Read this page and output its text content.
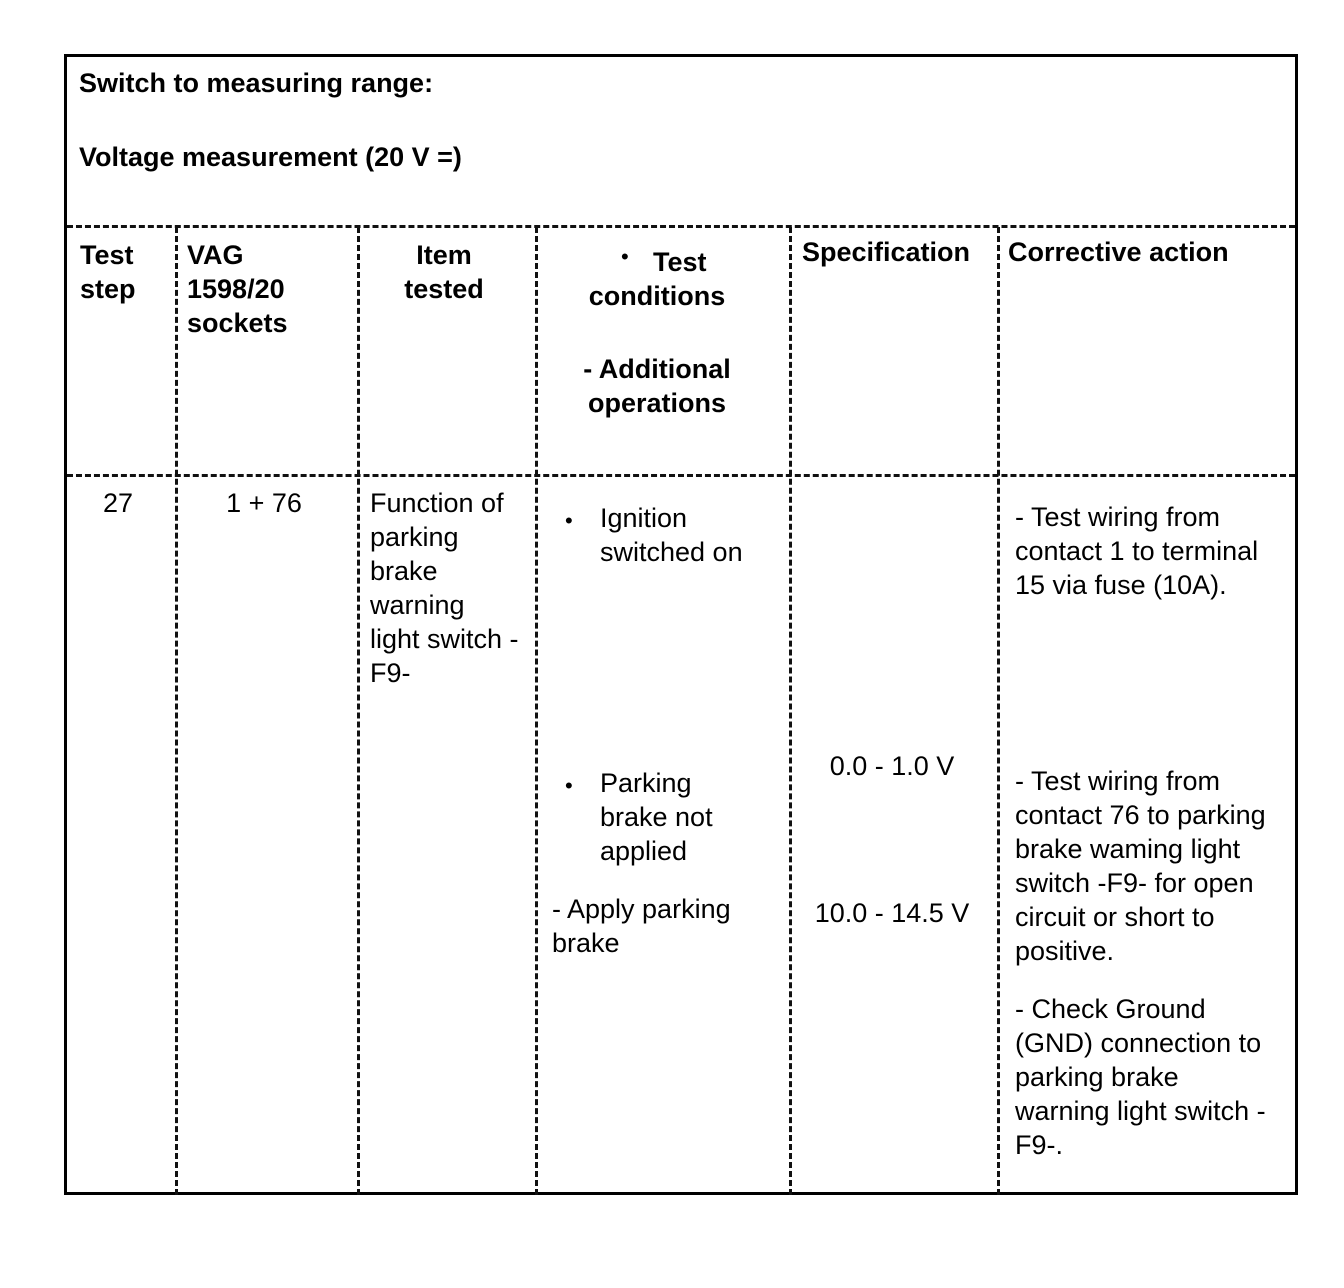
Switch to measuring range:
Voltage measurement (20 V =)
Test
step
VAG
1598/20
sockets
Item
tested
• Test
conditions
- Additional
operations
Specification Corrective action
27	1 + 76	Function of
parking
brake
warning
light switch -
F9-
• Ignition
switched on
• Parking
brake not
applied
- Apply parking
brake
0.0 - 1.0 V
10.0 - 14.5 V
- Test wiring from
contact 1 to terminal
15 via fuse (10A).
- Test wiring from
contact 76 to parking
brake waming light
switch -F9- for open
circuit or short to
positive.
- Check Ground
(GND) connection to
parking brake
warning light switch -
F9-.
